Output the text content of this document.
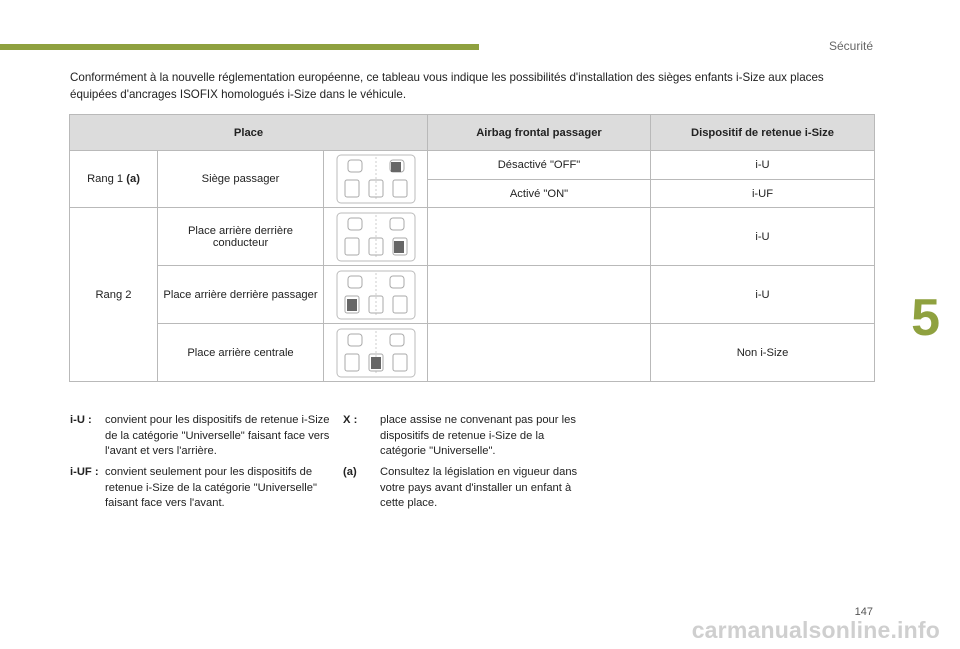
Sécurité
5
Conformément à la nouvelle réglementation européenne, ce tableau vous indique les possibilités d'installation des sièges enfants i-Size aux places équipées d'ancrages ISOFIX homologués i-Size dans le véhicule.
Place			Airbag frontal passager	Dispositif de retenue i-Size
Rang 1 (a)	Siège passager		Désactivé "OFF"	i-U
			Activé "ON"	i-UF
Rang 2	Place arrière derrière conducteur			i-U
	Place arrière derrière passager			i-U
	Place arrière centrale			Non i-Size
i-U : convient pour les dispositifs de retenue i-Size de la catégorie "Universelle" faisant face vers l'avant et vers l'arrière.
i-UF : convient seulement pour les dispositifs de retenue i-Size de la catégorie "Universelle" faisant face vers l'avant.
X : place assise ne convenant pas pour les dispositifs de retenue i-Size de la catégorie "Universelle".
(a) Consultez la législation en vigueur dans votre pays avant d'installer un enfant à cette place.
147
carmanualsonline.info
